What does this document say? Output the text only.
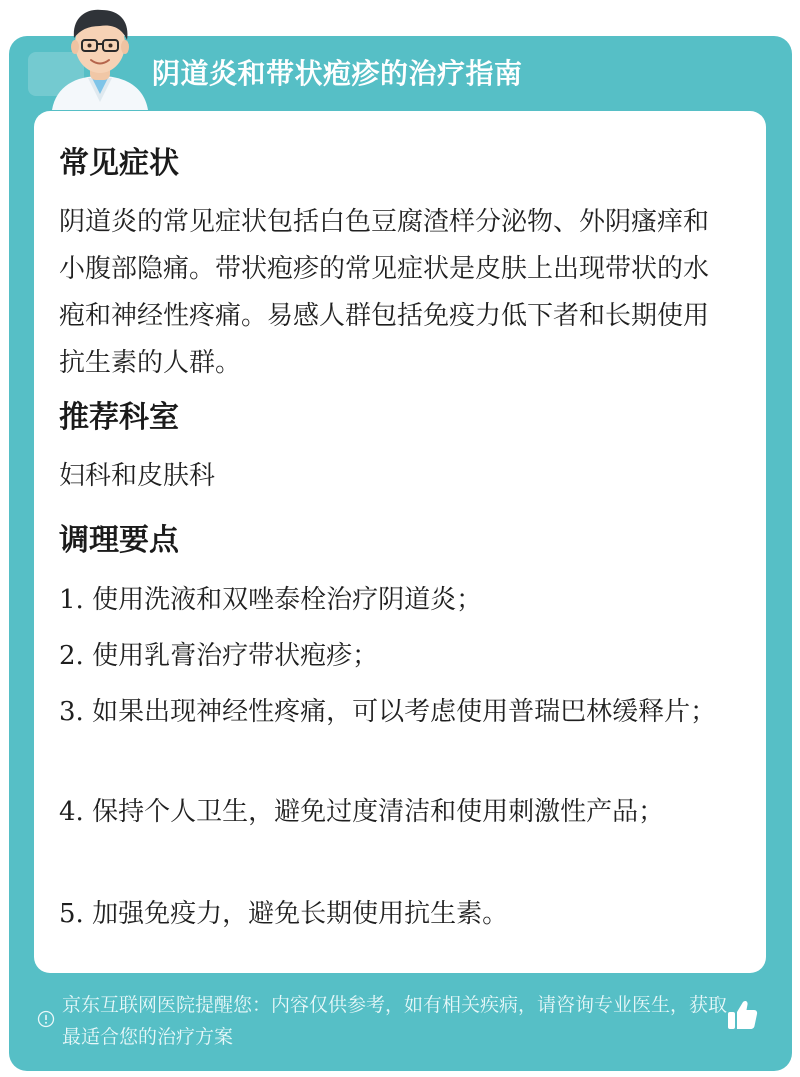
阴道炎和带状疱疹的治疗指南
常见症状
阴道炎的常见症状包括白色豆腐渣样分泌物、外阴瘙痒和小腹部隐痛。带状疱疹的常见症状是皮肤上出现带状的水疱和神经性疼痛。易感人群包括免疫力低下者和长期使用抗生素的人群。
推荐科室
妇科和皮肤科
调理要点
1. 使用洗液和双唑泰栓治疗阴道炎；
2. 使用乳膏治疗带状疱疹；
3. 如果出现神经性疼痛，可以考虑使用普瑞巴林缓释片；
4. 保持个人卫生，避免过度清洁和使用刺激性产品；
5. 加强免疫力，避免长期使用抗生素。
京东互联网医院提醒您：内容仅供参考，如有相关疾病，请咨询专业医生，获取最适合您的治疗方案
